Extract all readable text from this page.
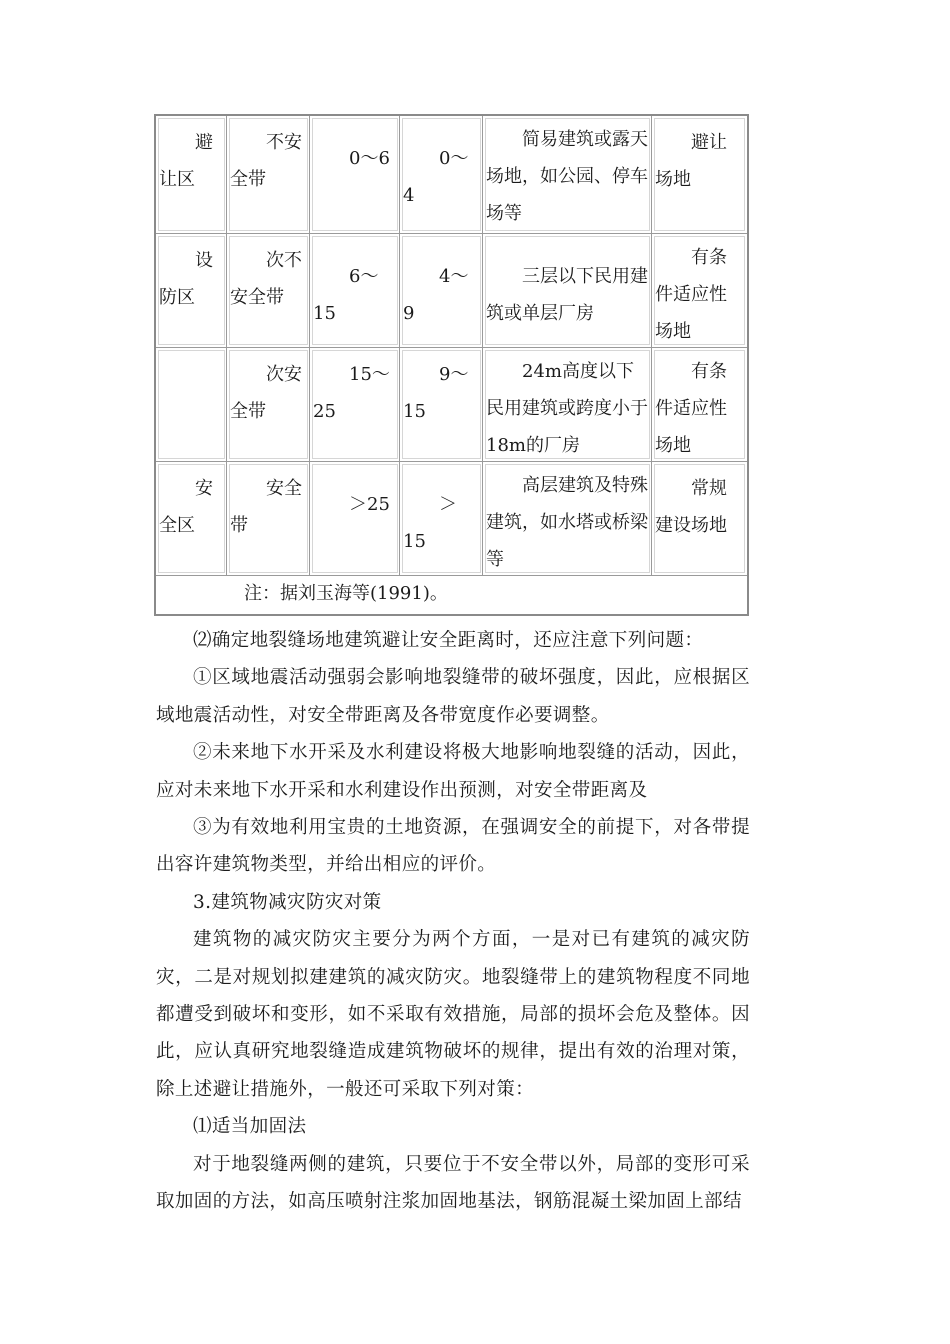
避让区
不安全带
0～6	0～4
简易建筑或露天场地，如公园、停车场等
避让场地
设防区
次不安全带
6～15
4～9
三层以下民用建筑或单层厂房
有条件适应性场地
次安全带
15～25
9～15
24m高度以下民用建筑或跨度小于18m的厂房
有条件适应性场地
安全区
安全带
＞25	＞15
高层建筑及特殊建筑，如水塔或桥梁等
常规建设场地
注：据刘玉海等(1991)。

⑵确定地裂缝场地建筑避让安全距离时，还应注意下列问题：

①区域地震活动强弱会影响地裂缝带的破坏强度，因此，应根据区域地震活动性，对安全带距离及各带宽度作必要调整。

②未来地下水开采及水利建设将极大地影响地裂缝的活动，因此，应对未来地下水开采和水利建设作出预测，对安全带距离及

③为有效地利用宝贵的土地资源，在强调安全的前提下，对各带提出容许建筑物类型，并给出相应的评价。

3.建筑物减灾防灾对策

建筑物的减灾防灾主要分为两个方面，一是对已有建筑的减灾防灾，二是对规划拟建建筑的减灾防灾。地裂缝带上的建筑物程度不同地都遭受到破坏和变形，如不采取有效措施，局部的损坏会危及整体。因此，应认真研究地裂缝造成建筑物破坏的规律，提出有效的治理对策，除上述避让措施外，一般还可采取下列对策：

⑴适当加固法

对于地裂缝两侧的建筑，只要位于不安全带以外，局部的变形可采取加固的方法，如高压喷射注浆加固地基法，钢筋混凝土梁加固上部结
